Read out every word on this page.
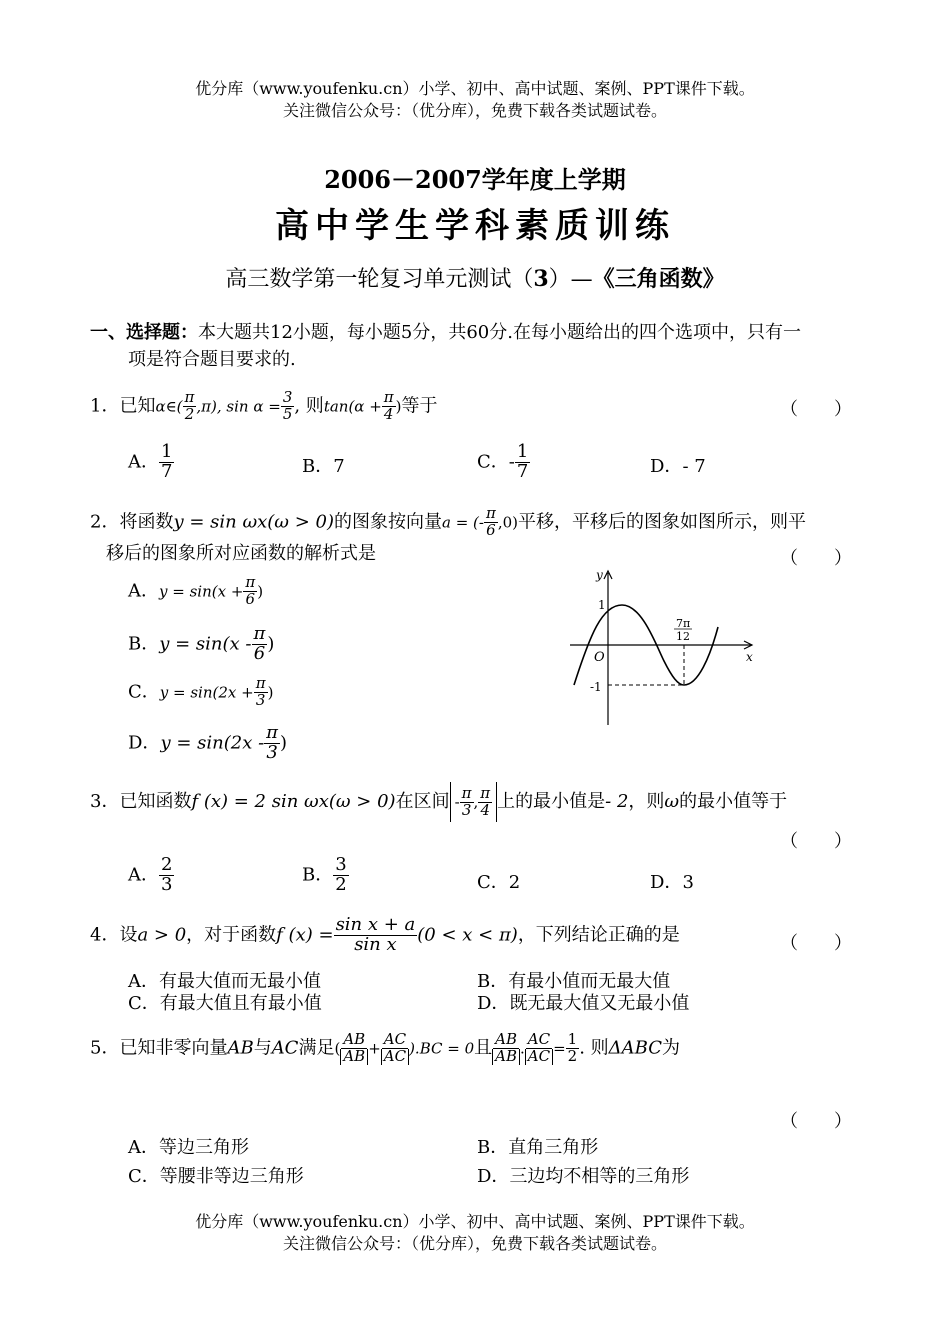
优分库（www.youfenku.cn）小学、初中、高中试题、案例、PPT课件下载。
关注微信公众号：（优分库），免费下载各类试题试卷。
2006－2007学年度上学期
高中学生学科素质训练
高三数学第一轮复习单元测试（3）—《三角函数》
一、选择题：本大题共12小题，每小题5分，共60分.在每小题给出的四个选项中，只有一
项是符合题目要求的.
1．已知α∈( $\frac{\pi}{2} ,\pi$), $\sin \alpha = \frac{3}{5}$ , 则$\tan(\alpha + \frac{\pi}{4}$ )等于	（　　）
A． $\frac{1}{7}$	B．7	C．- $\frac{1}{7}$	D．- 7
2．将函数y = sin ωx(ω > 0)的图象按向量a = (- $\frac{\pi}{6} ,0$)平移，平移后的图象如图所示，则平
移后的图象所对应函数的解析式是	（　　）
A．$y = \sin(x + \frac{\pi}{6}$ )
B．$y = \sin(x - \frac{\pi}{6}$ )
C．$y = \sin(2x + \frac{\pi}{3}$ )
D．$y = \sin(2x - \frac{\pi}{3}$ )
y
x
O
1
-1
7π
12
3．已知函数f (x) = 2 sin ωx(ω > 0)在区间 - $\frac{\pi}{3}$ , $\frac{\pi}{4}$ 上的最小值是- 2，则ω的最小值等于
（　　）
A． $\frac{2}{3}$	B． $\frac{3}{2}$	C．2	D．3
4．设a > 0，对于函数f $(x) = \frac{\text{sin x + a}}{\text{sin x}} (0 < x < \pi)$，下列结论正确的是	（　　）
A．有最大值而无最小值	B．有最小值而无最大值
C．有最大值且有最小值	D．既无最大值又无最小值
5．已知非零向量AB与AC满足( $\frac{AB}{AB} + \frac{AC}{AC} ).BC = 0$且 $\frac{AB}{AB}$ . $\frac{AC}{AC} = \frac{1}{2}$ . 则ΔABC为
（　　）
A．等边三角形	B．直角三角形
C．等腰非等边三角形	D．三边均不相等的三角形
优分库（www.youfenku.cn）小学、初中、高中试题、案例、PPT课件下载。
关注微信公众号：（优分库），免费下载各类试题试卷。
